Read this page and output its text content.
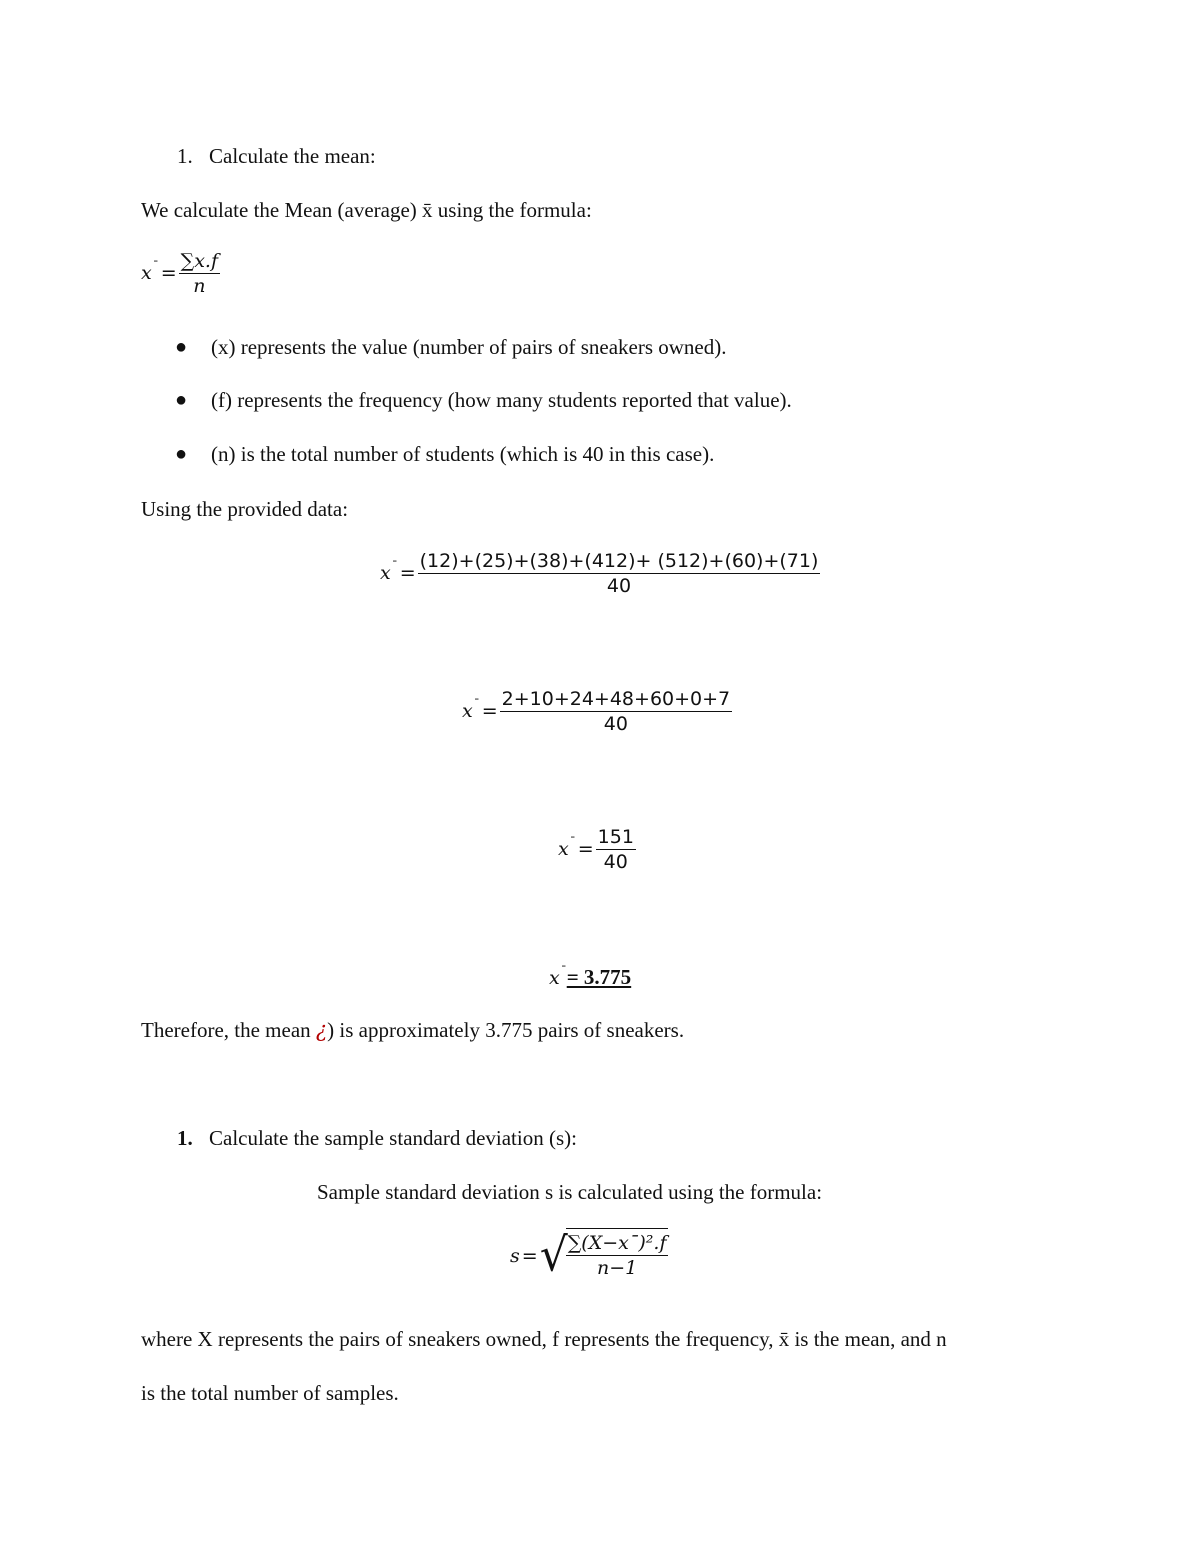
1. Calculate the mean:
We calculate the Mean (average) x̄ using the formula:
$x^¯ = \frac{\sum x.f}{n}$
● (x) represents the value (number of pairs of sneakers owned).
● (f) represents the frequency (how many students reported that value).
● (n) is the total number of students (which is 40 in this case).
Using the provided data:
$x^¯ = \frac{(12)+(25)+(38)+(412)+ (512)+(60)+(71)}{40}$
$x^¯ = \frac{2+10+24+48+60+0+7}{40}$
$x^¯ = \frac{151}{40}$
x¯= 3.775
Therefore, the mean ¿) is approximately 3.775 pairs of sneakers.
1. Calculate the sample standard deviation (s):
Sample standard deviation s is calculated using the formula:
s = √
$\frac{\text{∑(X−x¯)².f}}{n-1}$
where X represents the pairs of sneakers owned, f represents the frequency, x̄ is the mean, and n
is the total number of samples.
